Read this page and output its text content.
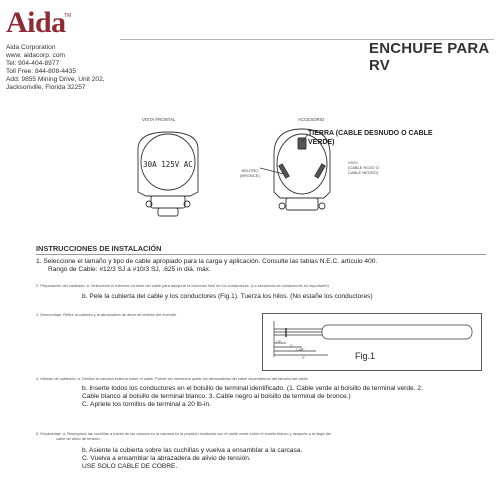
Aida
TM
Aida Corporation
www. aidacorp. com
Tel: 904-404-8977
Toll Free: 844-808-4435
Add: 9855 Mining Drive, Unit 202,
Jacksonville, Florida 32257
ENCHUFE PARA RV
VISTA FRONTAL	ACCESORIO
30A 125V AC
TIERRA (CABLE DESNUDO O CABLE VERDE)
NEUTRO
(BRONCE)
VIVO
(CABLE ROJO O
CABLE NEGRO)
INSTRUCCIONES DE INSTALACIÓN
1. Seleccione el tamaño y tipo de cable apropiado para la carga y aplicación. Consulte las tablas N.E.C. artículo 400.
Rango de Cable: #12/3 SJ a #10/3 SJ, .625 in diá. máx.
2. Preparación del cableado: a. Seleccione el extremo correcto del cable para asegurar la inserción fácil de los conductores. (La secuencia de conductores es importante)
b. Pele la cubierta del cable y los conductores (Fig.1). Tuerza los hilos. (No estañe los conductores)
3. Desmontaje: Retire la cubierta y la abrazadera de alivio de tensión del enchufe.
1/2"
1"
1-5/8"
2"	Fig.1
4. Método de cableado: a. Deslice la carcasa externa sobre el cable. Puede ser necesario quitar los abrazaderas del cable dependiendo del tamaño del cable.
b. Inserte todos los conductores en el bolsillo de terminal identificado. (1. Cable verde al bolsillo de terminal verde. 2.
Cable blanco al bolsillo de terminal blanco. 3. Cable negro al bolsillo de terminal de bronce.)
C. Apriete los tornillos de terminal a 20 lb-in.
5. Ensamblaje: a. Reemplace las cuchillas a través de las ranuras en la carcasa en la posición mostrada con el cable verde sobre el tornillo blanco y después a la larga del
cable de alivio de tensión.
b. Asiente la cubierta sobre las cuchillas y vuelva a ensamblar a la carcasa.
C. Vuelva a ensamblar la abrazadera de alivio de tensión.
USE SOLO CABLE DE COBRE.
